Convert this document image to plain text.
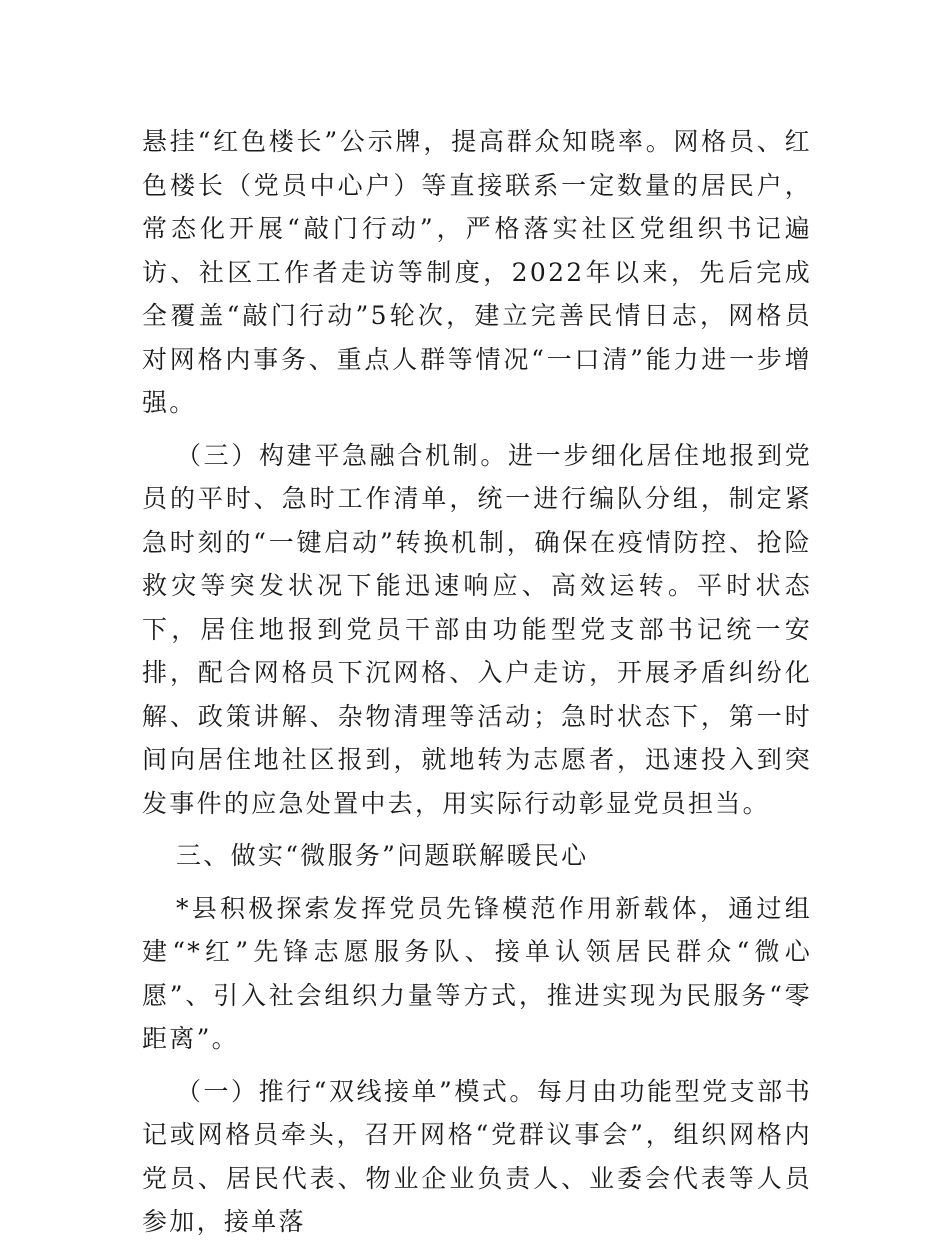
悬挂“红色楼长”公示牌，提高群众知晓率。网格员、红色楼长（党员中心户）等直接联系一定数量的居民户，常态化开展“敲门行动”，严格落实社区党组织书记遍访、社区工作者走访等制度，2022年以来，先后完成全覆盖“敲门行动”5轮次，建立完善民情日志，网格员对网格内事务、重点人群等情况“一口清”能力进一步增强。

（三）构建平急融合机制。进一步细化居住地报到党员的平时、急时工作清单，统一进行编队分组，制定紧急时刻的“一键启动”转换机制，确保在疫情防控、抢险救灾等突发状况下能迅速响应、高效运转。平时状态下，居住地报到党员干部由功能型党支部书记统一安排，配合网格员下沉网格、入户走访，开展矛盾纠纷化解、政策讲解、杂物清理等活动；急时状态下，第一时间向居住地社区报到，就地转为志愿者，迅速投入到突发事件的应急处置中去，用实际行动彰显党员担当。

三、做实“微服务”问题联解暖民心

*县积极探索发挥党员先锋模范作用新载体，通过组建“*红”先锋志愿服务队、接单认领居民群众“微心愿”、引入社会组织力量等方式，推进实现为民服务“零距离”。

（一）推行“双线接单”模式。每月由功能型党支部书记或网格员牵头，召开网格“党群议事会”，组织网格内党员、居民代表、物业企业负责人、业委会代表等人员参加，接单落
